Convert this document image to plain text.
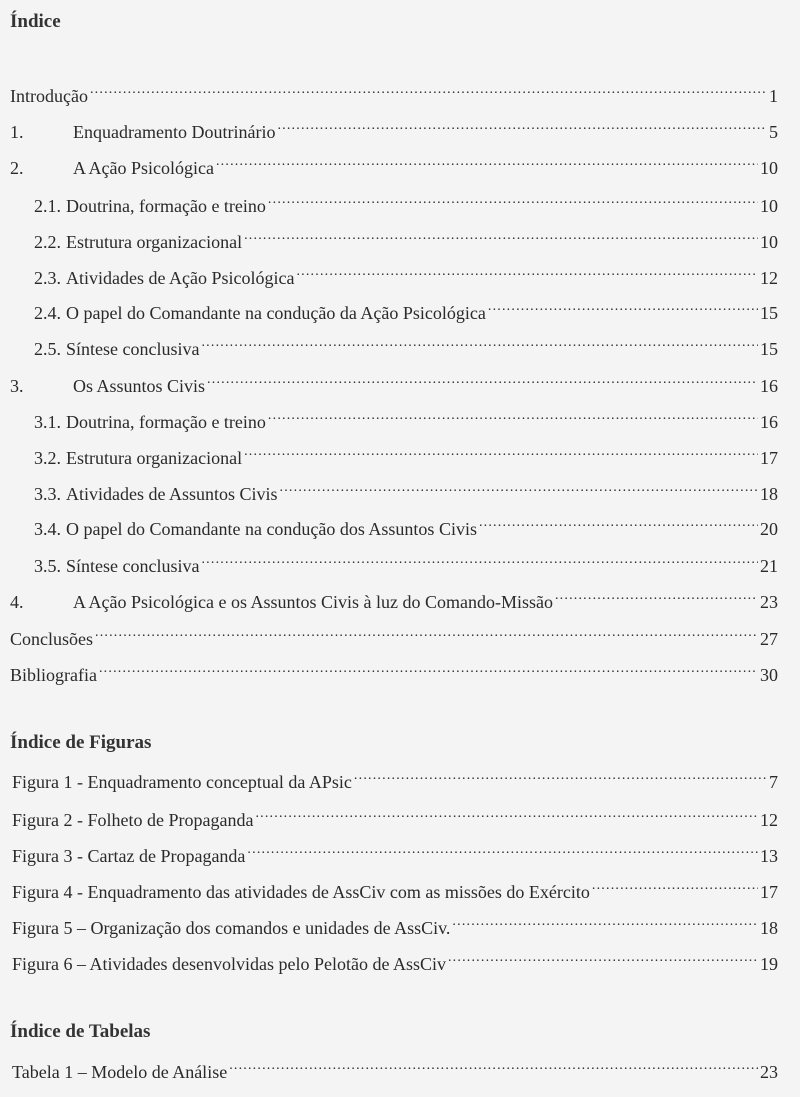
Índice
Introdução .....	1
1.	Enquadramento Doutrinário .....	5
2.	A Ação Psicológica .....	10
2.1. Doutrina, formação e treino .....	10
2.2. Estrutura organizacional .....	10
2.3. Atividades de Ação Psicológica .....	12
2.4. O papel do Comandante na condução da Ação Psicológica .....	15
2.5. Síntese conclusiva .....	15
3.	Os Assuntos Civis .....	16
3.1. Doutrina, formação e treino .....	16
3.2. Estrutura organizacional .....	17
3.3. Atividades de Assuntos Civis .....	18
3.4. O papel do Comandante na condução dos Assuntos Civis .....	20
3.5. Síntese conclusiva .....	21
4.	A Ação Psicológica e os Assuntos Civis à luz do Comando-Missão .....	23
Conclusões .....	27
Bibliografia .....	30
Índice de Figuras
Figura 1 - Enquadramento conceptual da APsic .....	7
Figura 2 - Folheto de Propaganda .....	12
Figura 3 - Cartaz de Propaganda .....	13
Figura 4 - Enquadramento das atividades de AssCiv com as missões do Exército .....	17
Figura 5 – Organização dos comandos e unidades de AssCiv. .....	18
Figura 6 – Atividades desenvolvidas pelo Pelotão de AssCiv .....	19
Índice de Tabelas
Tabela 1 – Modelo de Análise .....	23
